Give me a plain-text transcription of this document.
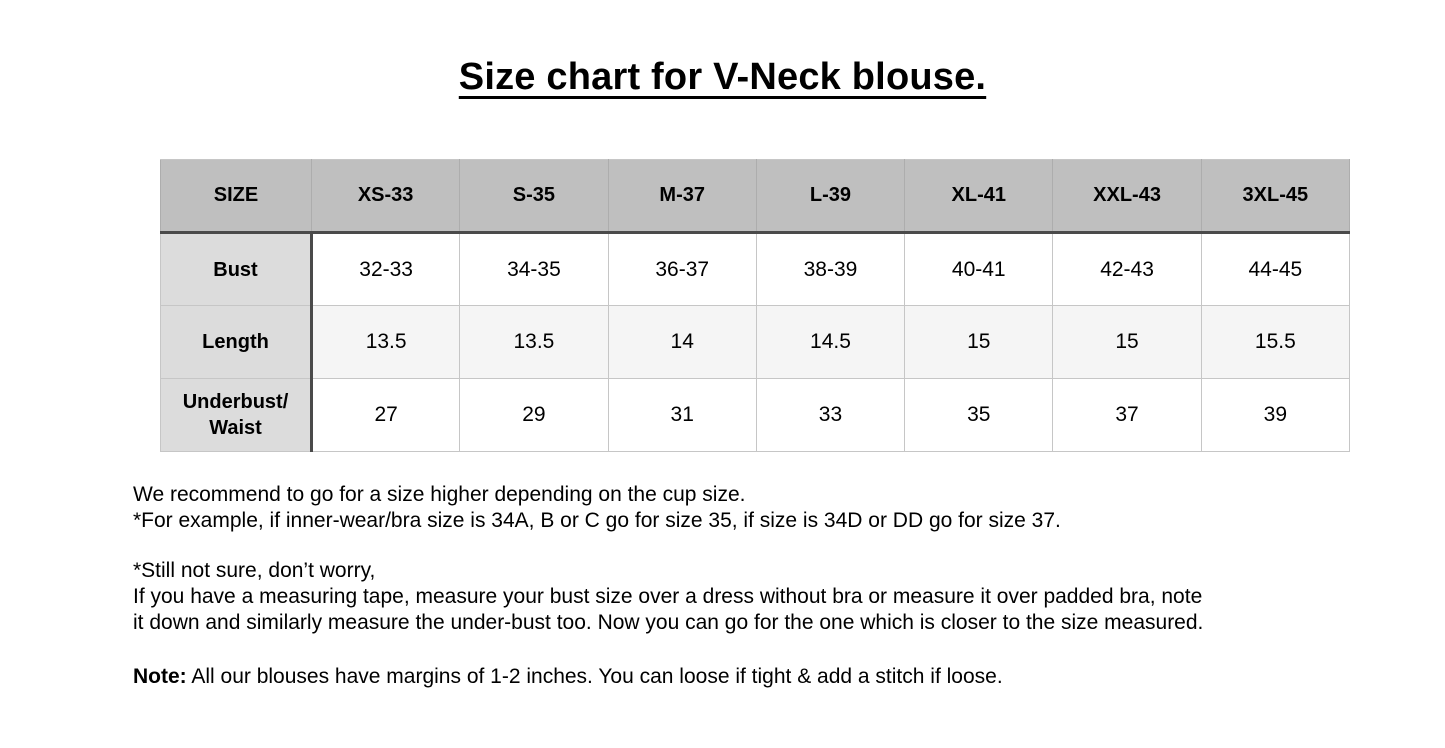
Size chart for V-Neck blouse.
SIZE	XS-33	S-35	M-37	L-39	XL-41	XXL-43	3XL-45
Bust	32-33	34-35	36-37	38-39	40-41	42-43	44-45
Length	13.5	13.5	14	14.5	15	15	15.5
Underbust/ Waist	27	29	31	33	35	37	39
We recommend to go for a size higher depending on the cup size.
*For example, if inner-wear/bra size is 34A, B or C go for size 35, if size is 34D or DD go for size 37.
*Still not sure, don’t worry,
If you have a measuring tape, measure your bust size over a dress without bra or measure it over padded bra, note
it down and similarly measure the under-bust too. Now you can go for the one which is closer to the size measured.
Note: All our blouses have margins of 1-2 inches. You can loose if tight & add a stitch if loose.
